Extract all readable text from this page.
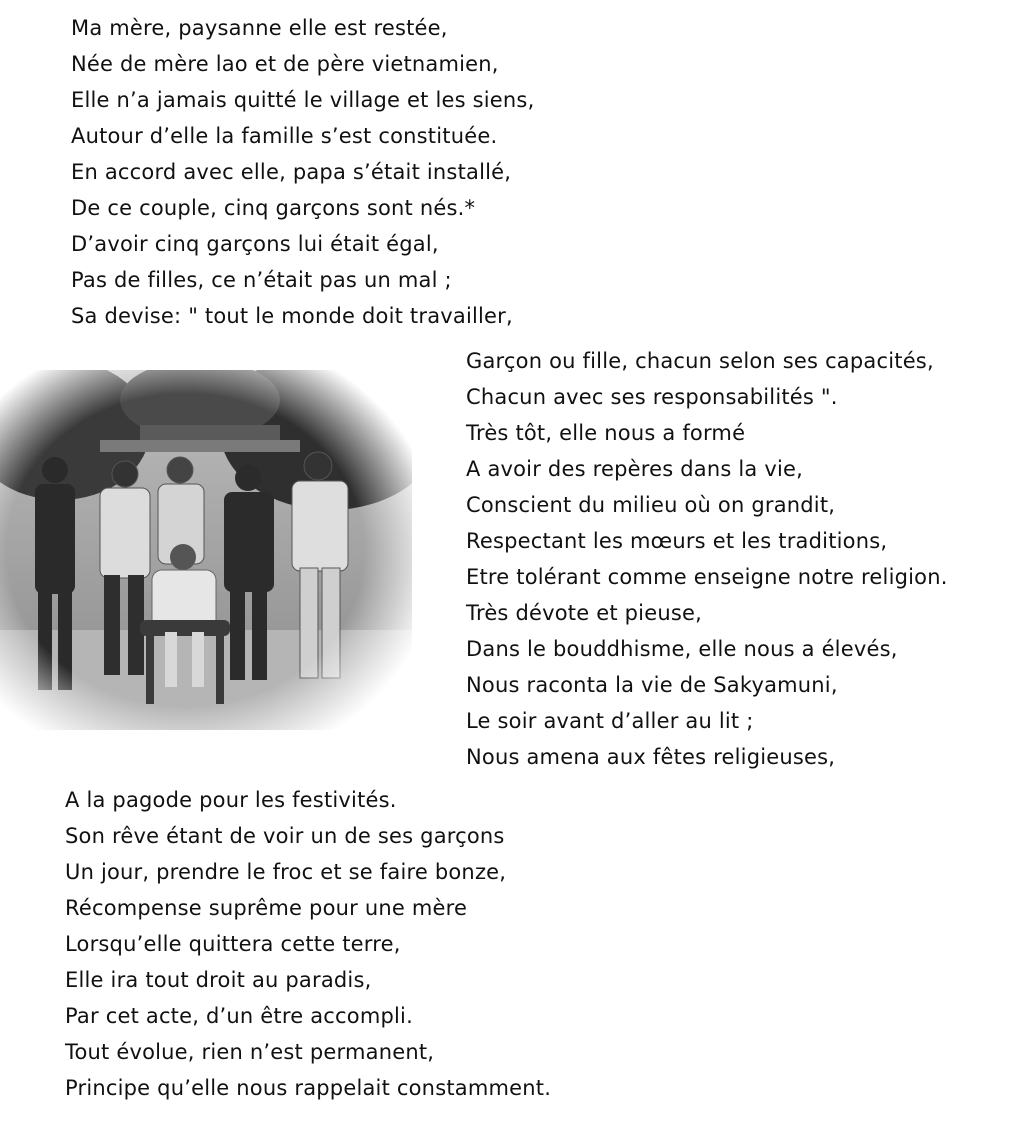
Ma mère, paysanne elle est restée,
Née de mère lao et de père vietnamien,
Elle n’a jamais quitté le village et les siens,
Autour d’elle la famille s’est constituée.
En accord avec elle, papa s’était installé,
De ce couple, cinq garçons sont nés.*
D’avoir cinq garçons lui était égal,
Pas de filles, ce n’était pas un mal ;
Sa devise: " tout le monde doit travailler,
Garçon ou fille, chacun selon ses capacités,
Chacun avec ses responsabilités ".
Très tôt, elle nous a formé
A avoir des repères dans la vie,
Conscient du milieu où on grandit,
Respectant les mœurs et les traditions,
Etre tolérant comme enseigne notre religion.
Très dévote et pieuse,
Dans le bouddhisme, elle nous a élevés,
Nous raconta la vie de Sakyamuni,
Le soir avant d’aller au lit ;
Nous amena aux fêtes religieuses,
A la pagode pour les festivités.
Son rêve étant de voir un de ses garçons
Un jour, prendre le froc et se faire bonze,
Récompense suprême pour une mère
Lorsqu’elle quittera cette terre,
Elle ira tout droit au paradis,
Par cet acte, d’un être accompli.
Tout évolue, rien n’est permanent,
Principe qu’elle nous rappelait constamment.
